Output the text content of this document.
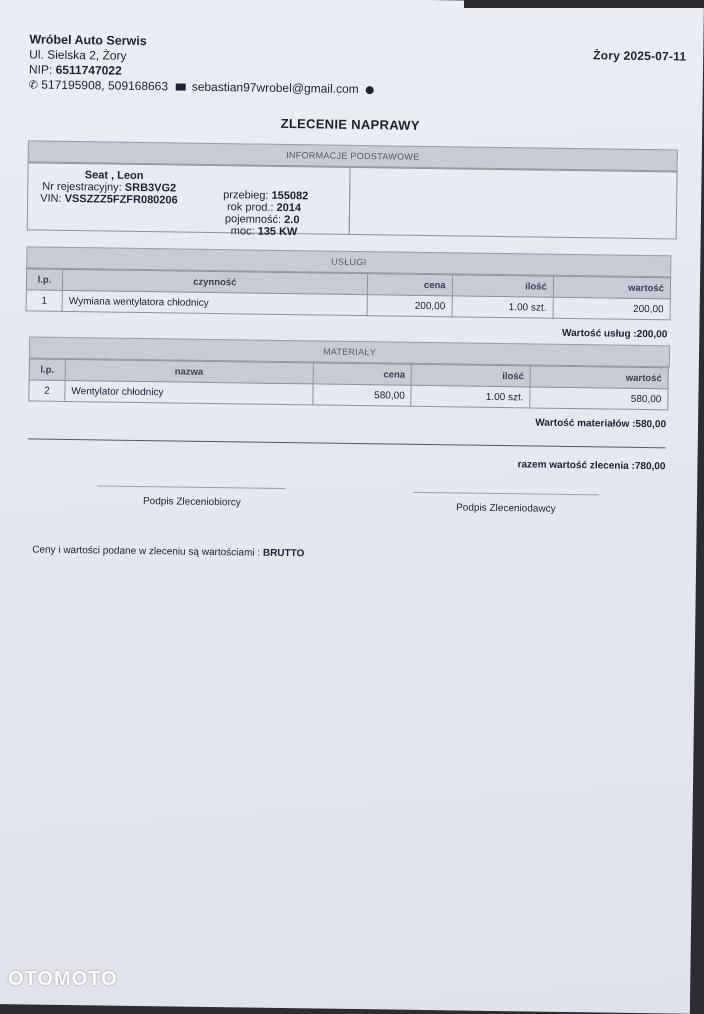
Wróbel Auto Serwis
Ul. Sielska 2, Żory
NIP: 6511747022
✆ 517195908, 509168663 sebastian97wrobel@gmail.com
Żory 2025-07-11
ZLECENIE NAPRAWY
INFORMACJE PODSTAWOWE
Seat , Leon
Nr rejestracyjny: SRB3VG2
VIN: VSSZZZ5FZFR080206	przebieg: 155082
rok prod.: 2014
pojemność: 2.0
moc: 135 KW
USŁUGI
l.p.	czynność	cena	ilość	wartość
1	Wymiana wentylatora chłodnicy	200,00	1.00 szt.	200,00
Wartość usług :200,00
MATERIAŁY
l.p.	nazwa	cena	ilość	wartość
2	Wentylator chłodnicy	580,00	1.00 szt.	580,00
Wartość materiałów :580,00
razem wartość zlecenia :780,00
Podpis Zleceniobiorcy
Podpis Zleceniodawcy
Ceny i wartości podane w zleceniu są wartościami : BRUTTO
OTOMOTO
